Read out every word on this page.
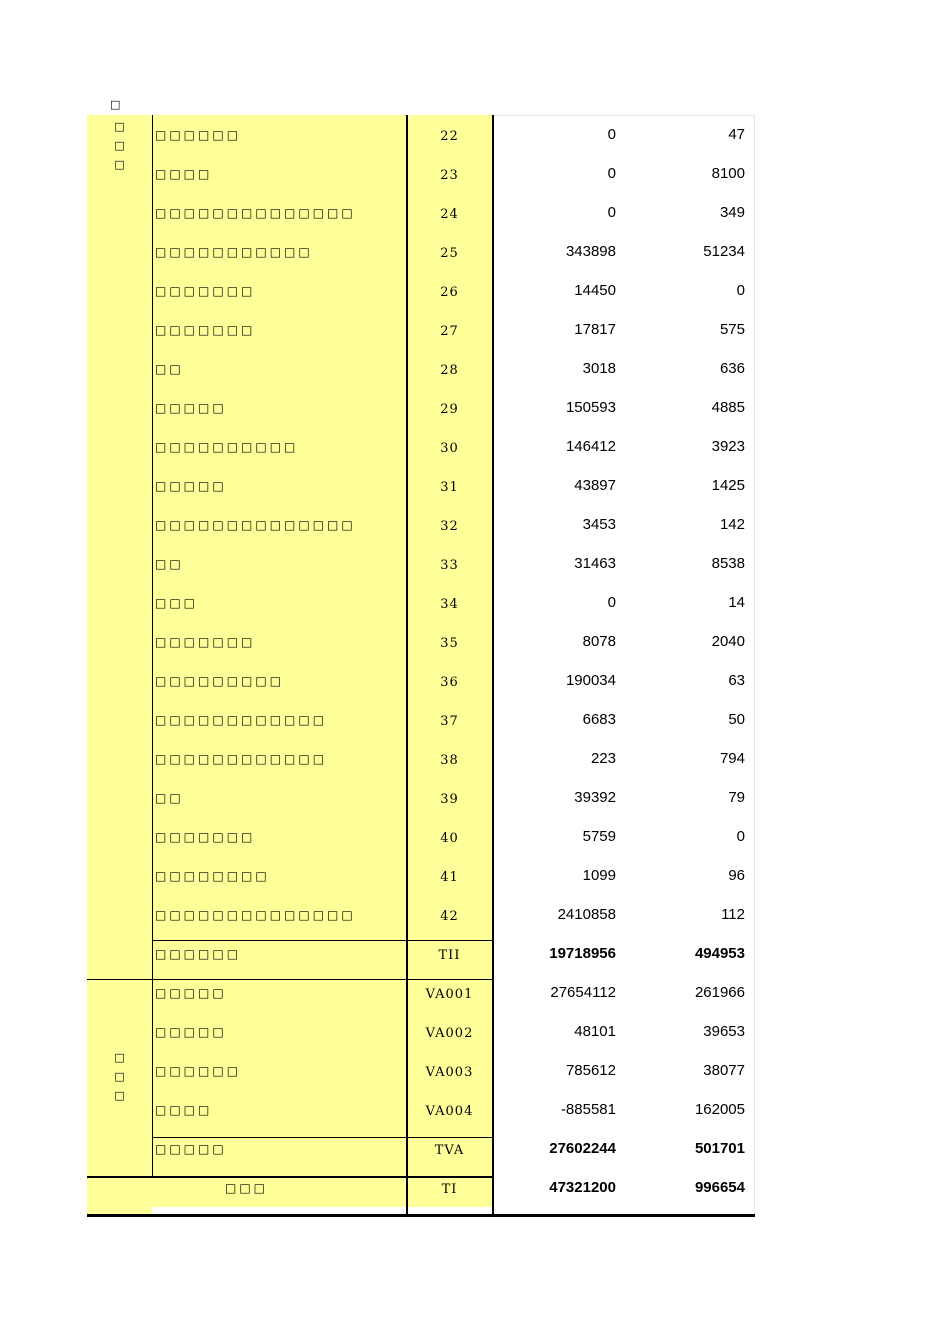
□
□
□
□
□
□
□
□□□□□□	22	0	47
□□□□	23	0	8100
□□□□□□□□□□□□□□	24	0	349
□□□□□□□□□□□	25	343898	51234
□□□□□□□	26	14450	0
□□□□□□□	27	17817	575
□□	28	3018	636
□□□□□	29	150593	4885
□□□□□□□□□□	30	146412	3923
□□□□□	31	43897	1425
□□□□□□□□□□□□□□	32	3453	142
□□	33	31463	8538
□□□	34	0	14
□□□□□□□	35	8078	2040
□□□□□□□□□	36	190034	63
□□□□□□□□□□□□	37	6683	50
□□□□□□□□□□□□	38	223	794
□□	39	39392	79
□□□□□□□	40	5759	0
□□□□□□□□	41	1099	96
□□□□□□□□□□□□□□	42	2410858	112
□□□□□□	TII	19718956	494953
□□□□□	VA001	27654112	261966
□□□□□	VA002	48101	39653
□□□□□□	VA003	785612	38077
□□□□	VA004	-885581	162005
□□□□□	TVA	27602244	501701
□□□	TI	47321200	996654
